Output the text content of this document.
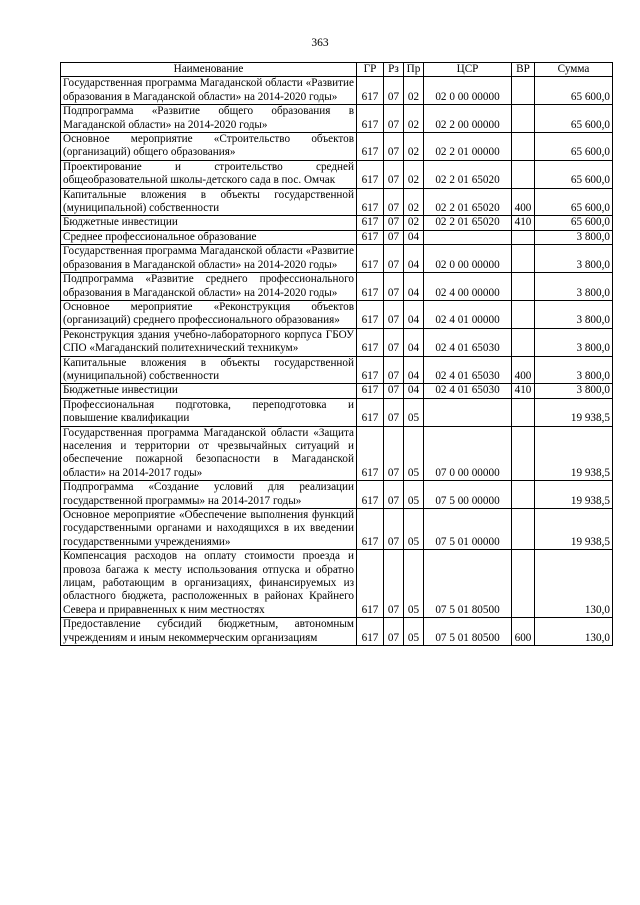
363
Наименование	ГР	Рз	Пр	ЦСР	ВР	Сумма
Государственная программа Магаданской области «Развитие образования в Магаданской области» на 2014-2020 годы»	617	07	02	02 0 00 00000		65 600,0
Подпрограмма «Развитие общего образования в Магаданской области» на 2014-2020 годы»	617	07	02	02 2 00 00000		65 600,0
Основное мероприятие «Строительство объектов (организаций) общего образования»	617	07	02	02 2 01 00000		65 600,0
Проектирование и строительство средней общеобразовательной школы-детского сада в пос. Омчак	617	07	02	02 2 01 65020		65 600,0
Капитальные вложения в объекты государственной (муниципальной) собственности	617	07	02	02 2 01 65020	400	65 600,0
Бюджетные инвестиции	617	07	02	02 2 01 65020	410	65 600,0
Среднее профессиональное образование	617	07	04			3 800,0
Государственная программа Магаданской области «Развитие образования в Магаданской области» на 2014-2020 годы»	617	07	04	02 0 00 00000		3 800,0
Подпрограмма «Развитие среднего профессионального образования в Магаданской области» на 2014-2020 годы»	617	07	04	02 4 00 00000		3 800,0
Основное мероприятие «Реконструкция объектов (организаций) среднего профессионального образования»	617	07	04	02 4 01 00000		3 800,0
Реконструкция здания учебно-лабораторного корпуса ГБОУ СПО «Магаданский политехнический техникум»	617	07	04	02 4 01 65030		3 800,0
Капитальные вложения в объекты государственной (муниципальной) собственности	617	07	04	02 4 01 65030	400	3 800,0
Бюджетные инвестиции	617	07	04	02 4 01 65030	410	3 800,0
Профессиональная подготовка, переподготовка и повышение квалификации	617	07	05			19 938,5
Государственная программа Магаданской области «Защита населения и территории от чрезвычайных ситуаций и обеспечение пожарной безопасности в Магаданской области» на 2014-2017 годы»	617	07	05	07 0 00 00000		19 938,5
Подпрограмма «Создание условий для реализации государственной программы» на 2014-2017 годы»	617	07	05	07 5 00 00000		19 938,5
Основное мероприятие «Обеспечение выполнения функций государственными органами и находящихся в их введении государственными учреждениями»	617	07	05	07 5 01 00000		19 938,5
Компенсация расходов на оплату стоимости проезда и провоза багажа к месту использования отпуска и обратно лицам, работающим в организациях, финансируемых из областного бюджета, расположенных в районах Крайнего Севера и приравненных к ним местностях	617	07	05	07 5 01 80500		130,0
Предоставление субсидий бюджетным, автономным учреждениям и иным некоммерческим организациям	617	07	05	07 5 01 80500	600	130,0
